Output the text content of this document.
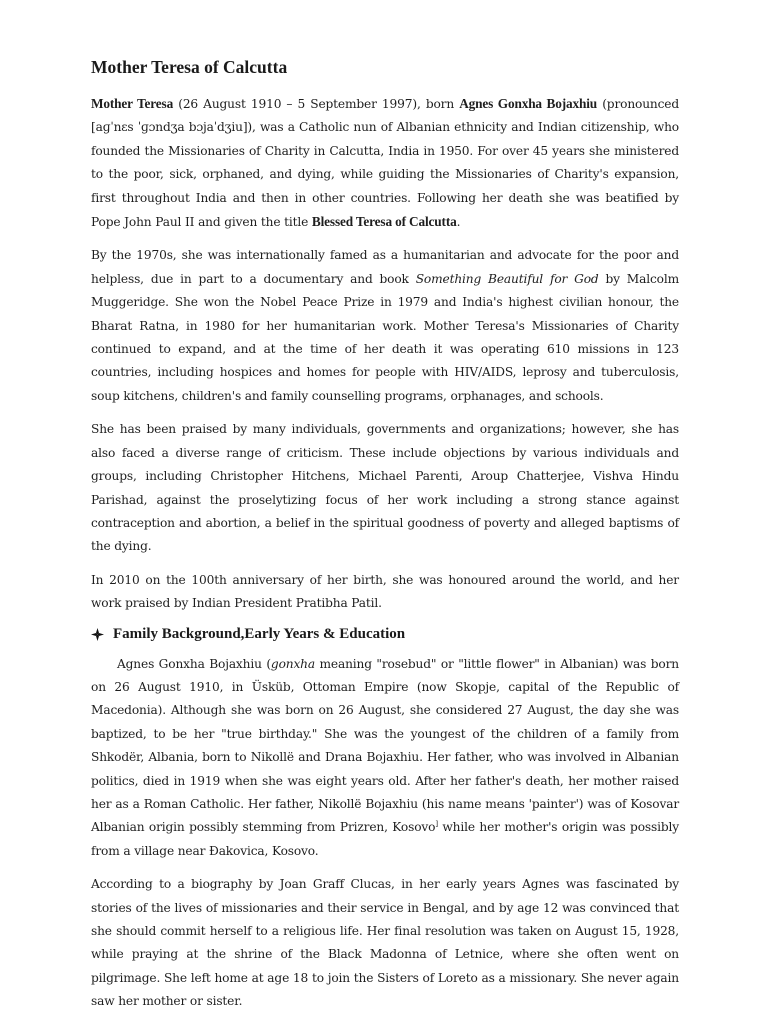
Mother Teresa of Calcutta

Mother Teresa (26 August 1910 – 5 September 1997), born Agnes Gonxha Bojaxhiu (pronounced [aɡˈnɛs ˈɡɔndʒa bɔjaˈdʒiu]), was a Catholic nun of Albanian ethnicity and Indian citizenship, who founded the Missionaries of Charity in Calcutta, India in 1950. For over 45 years she ministered to the poor, sick, orphaned, and dying, while guiding the Missionaries of Charity's expansion, first throughout India and then in other countries. Following her death she was beatified by Pope John Paul II and given the title Blessed Teresa of Calcutta.

By the 1970s, she was internationally famed as a humanitarian and advocate for the poor and helpless, due in part to a documentary and book Something Beautiful for God by Malcolm Muggeridge. She won the Nobel Peace Prize in 1979 and India's highest civilian honour, the Bharat Ratna, in 1980 for her humanitarian work. Mother Teresa's Missionaries of Charity continued to expand, and at the time of her death it was operating 610 missions in 123 countries, including hospices and homes for people with HIV/AIDS, leprosy and tuberculosis, soup kitchens, children's and family counselling programs, orphanages, and schools.

She has been praised by many individuals, governments and organizations; however, she has also faced a diverse range of criticism. These include objections by various individuals and groups, including Christopher Hitchens, Michael Parenti, Aroup Chatterjee, Vishva Hindu Parishad, against the proselytizing focus of her work including a strong stance against contraception and abortion, a belief in the spiritual goodness of poverty and alleged baptisms of the dying.

In 2010 on the 100th anniversary of her birth, she was honoured around the world, and her work praised by Indian President Pratibha Patil.

Family Background,Early Years & Education

Agnes Gonxha Bojaxhiu (gonxha meaning "rosebud" or "little flower" in Albanian) was born on 26 August 1910, in Üsküb, Ottoman Empire (now Skopje, capital of the Republic of Macedonia). Although she was born on 26 August, she considered 27 August, the day she was baptized, to be her "true birthday." She was the youngest of the children of a family from Shkodër, Albania, born to Nikollë and Drana Bojaxhiu. Her father, who was involved in Albanian politics, died in 1919 when she was eight years old. After her father's death, her mother raised her as a Roman Catholic. Her father, Nikollë Bojaxhiu (his name means 'painter') was of Kosovar Albanian origin possibly stemming from Prizren, Kosovo] while her mother's origin was possibly from a village near Đakovica, Kosovo.

According to a biography by Joan Graff Clucas, in her early years Agnes was fascinated by stories of the lives of missionaries and their service in Bengal, and by age 12 was convinced that she should commit herself to a religious life. Her final resolution was taken on August 15, 1928, while praying at the shrine of the Black Madonna of Letnice, where she often went on pilgrimage. She left home at age 18 to join the Sisters of Loreto as a missionary. She never again saw her mother or sister.
